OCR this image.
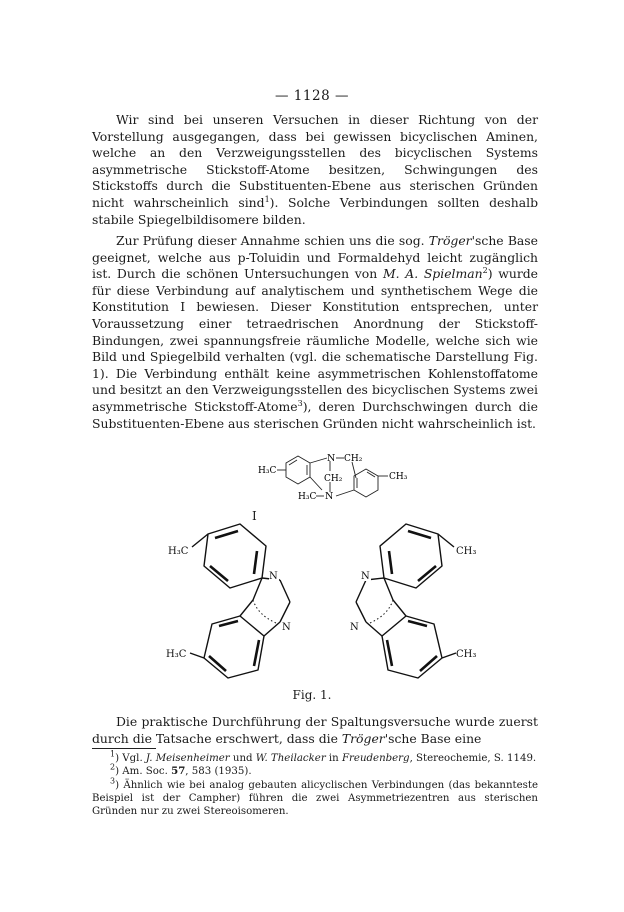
— 1128 —

Wir sind bei unseren Versuchen in dieser Richtung von der Vorstellung ausgegangen, dass bei gewissen bicyclischen Aminen, welche an den Verzweigungsstellen des bicyclischen Systems asymmetrische Stickstoff-Atome besitzen, Schwingungen des Stickstoffs durch die Substituenten-Ebene aus sterischen Gründen nicht wahrscheinlich sind$^1$). Solche Verbindungen sollten deshalb stabile Spiegelbildisomere bilden.

Zur Prüfung dieser Annahme schien uns die sog. Tröger'sche Base geeignet, welche aus p-Toluidin und Formaldehyd leicht zugänglich ist. Durch die schönen Untersuchungen von M. A. Spielman$^2$) wurde für diese Verbindung auf analytischem und synthetischem Wege die Konstitution I bewiesen. Dieser Konstitution entsprechen, unter Voraussetzung einer tetraedrischen Anordnung der Stickstoff-Bindungen, zwei spannungsfreie räumliche Modelle, welche sich wie Bild und Spiegelbild verhalten (vgl. die schematische Darstellung Fig. 1). Die Verbindung enthält keine asymmetrischen Kohlenstoffatome und besitzt an den Verzweigungsstellen des bicyclischen Systems zwei asymmetrische Stickstoff-Atome$^3$), deren Durchschwingen durch die Substituenten-Ebene aus sterischen Gründen nicht wahrscheinlich ist.

N CH₂
CH₂
N
H₃C
H₃C
CH₃
I
N
N
N
N
H₃C
H₃C
CH₃
CH₃
Fig. 1.

Die praktische Durchführung der Spaltungsversuche wurde zuerst durch die Tatsache erschwert, dass die Tröger'sche Base eine

$^1$) Vgl. J. Meisenheimer und W. Theilacker in Freudenberg, Stereochemie, S. 1149.

$^2$) Am. Soc. 57, 583 (1935).

$^3$) Ähnlich wie bei analog gebauten alicyclischen Verbindungen (das bekannteste Beispiel ist der Campher) führen die zwei Asymmetriezentren aus sterischen Gründen nur zu zwei Stereoisomeren.
